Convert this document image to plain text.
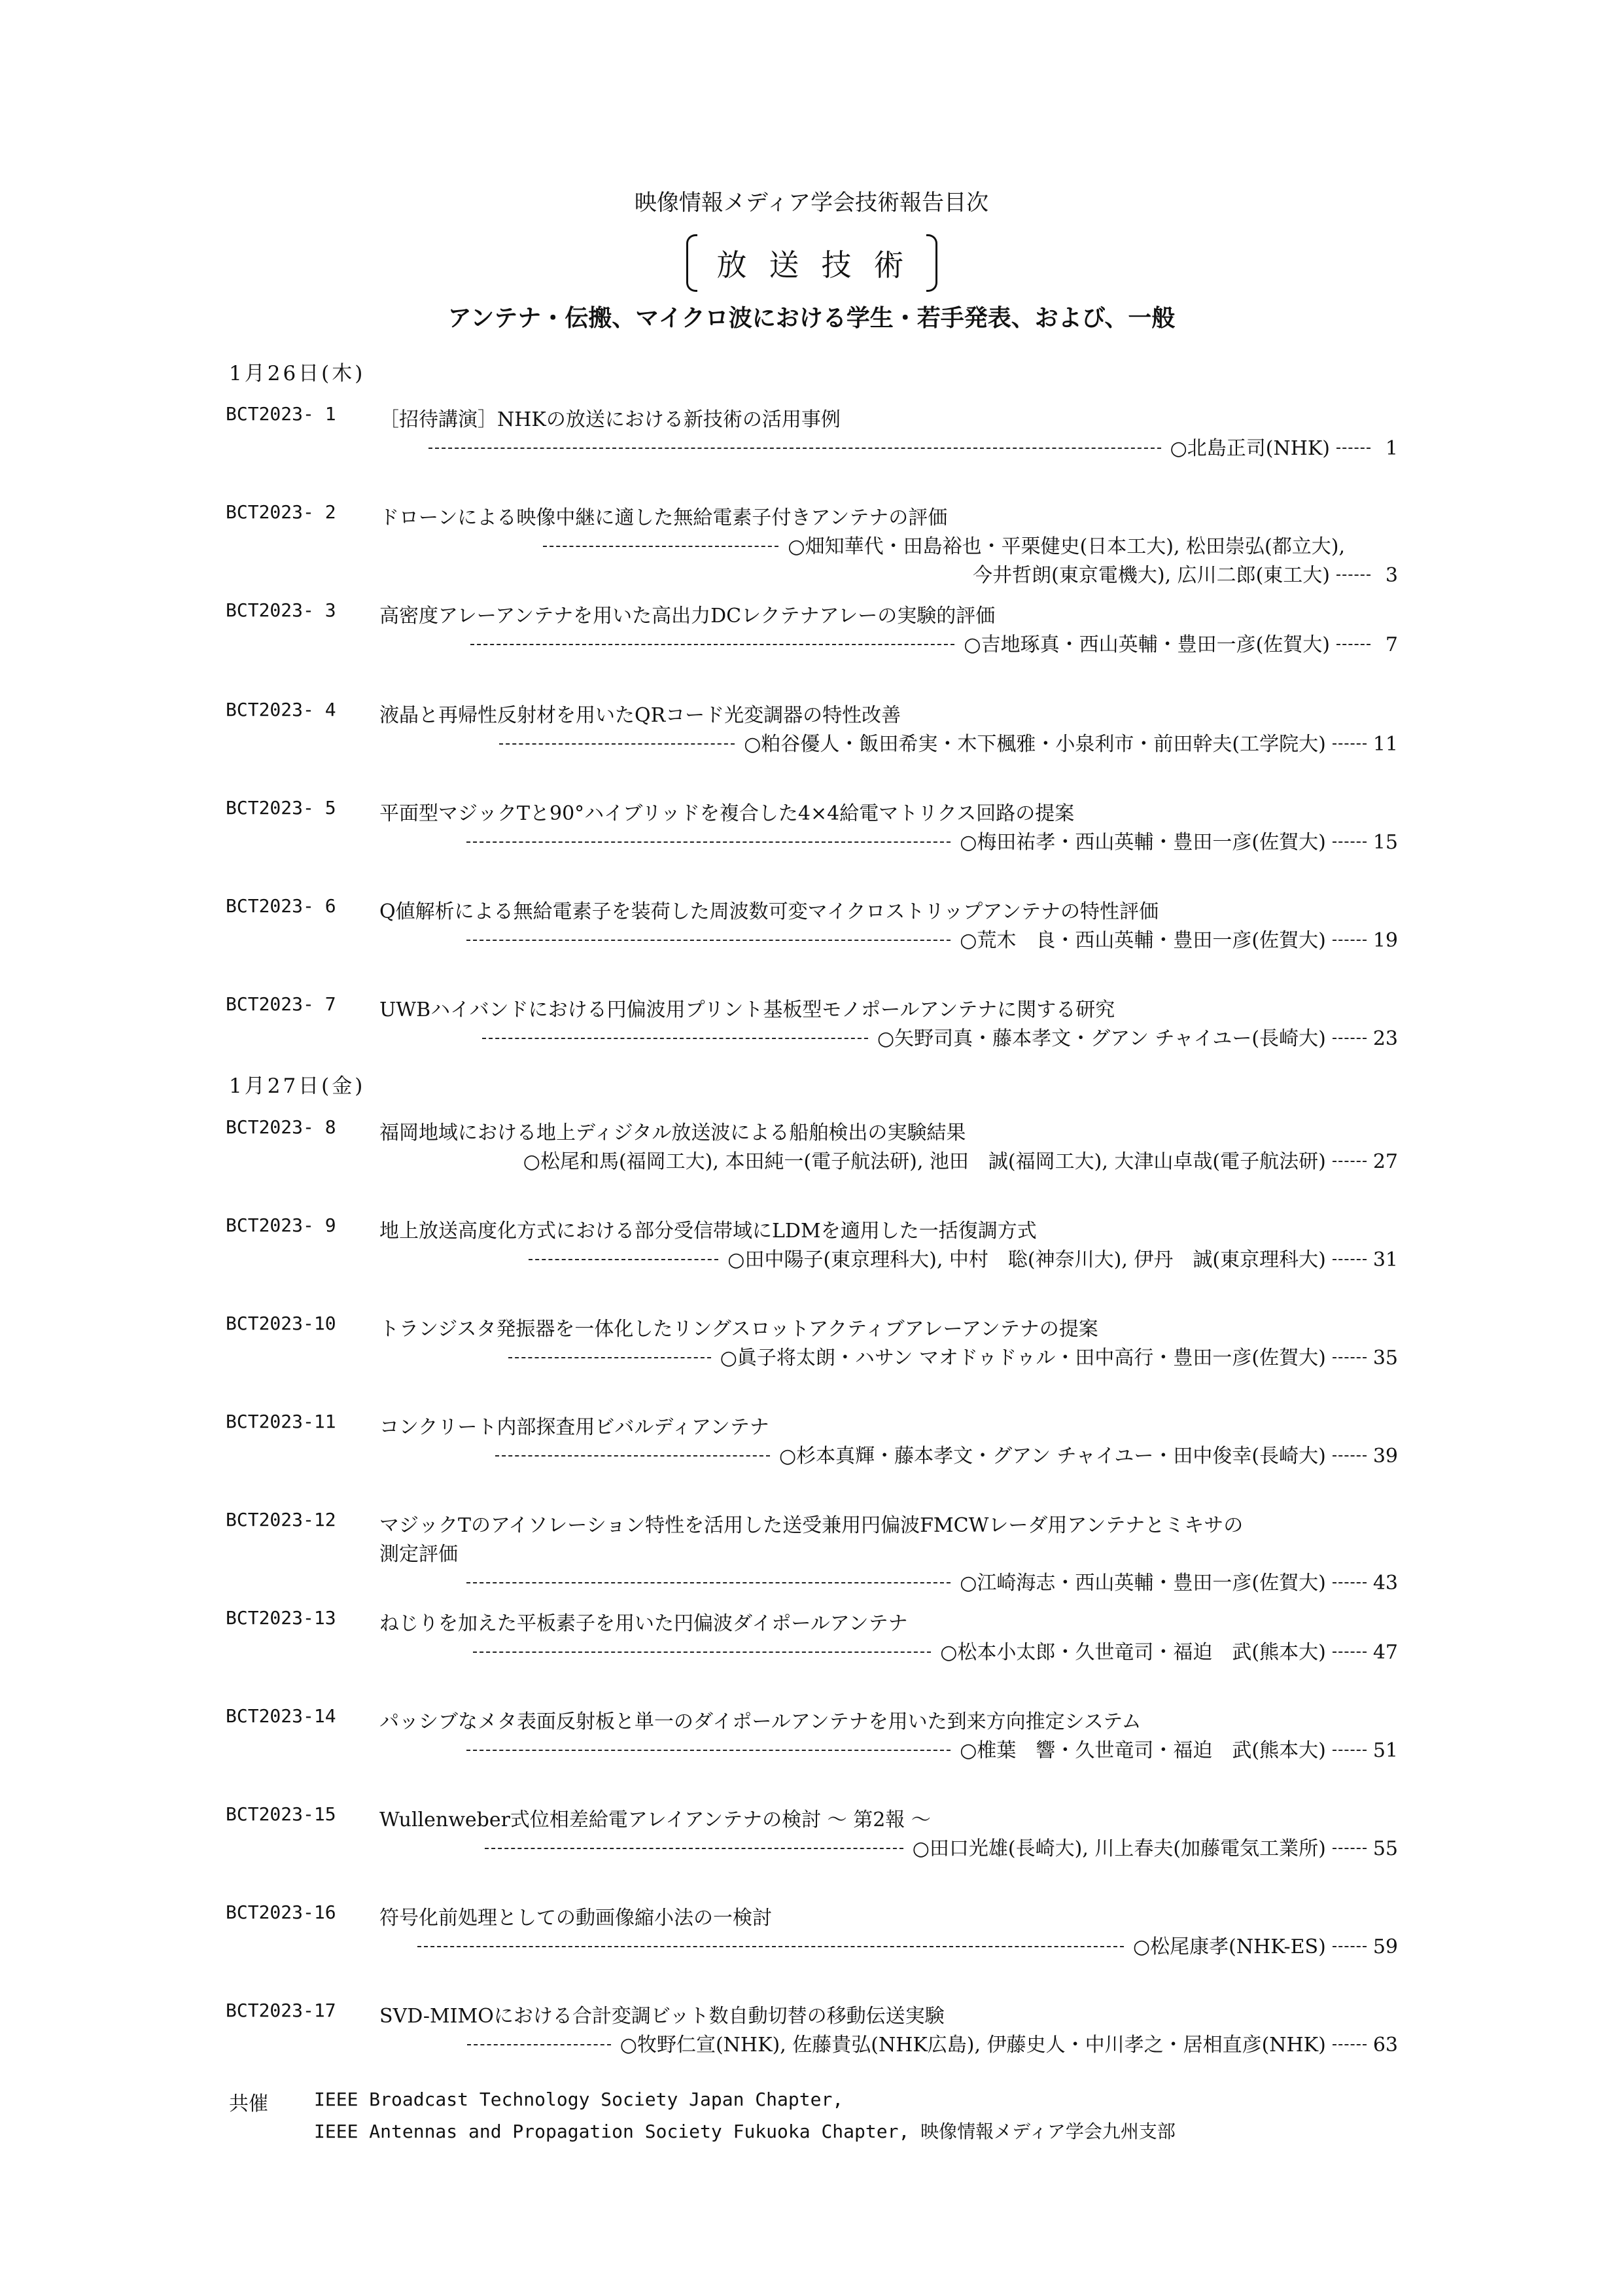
映像情報メディア学会技術報告目次
放送技術
アンテナ・伝搬、マイクロ波における学生・若手発表、および、一般
1月26日(木)
BCT2023- 1 ［招待講演］NHKの放送における新技術の活用事例
○北島正司(NHK)	1
BCT2023- 2 ドローンによる映像中継に適した無給電素子付きアンテナの評価
○畑知華代・田島裕也・平栗健史(日本工大), 松田崇弘(都立大),
今井哲朗(東京電機大), 広川二郎(東工大)	3
BCT2023- 3 高密度アレーアンテナを用いた高出力DCレクテナアレーの実験的評価
○吉地琢真・西山英輔・豊田一彦(佐賀大)	7
BCT2023- 4 液晶と再帰性反射材を用いたQRコード光変調器の特性改善
○粕谷優人・飯田希実・木下楓雅・小泉利市・前田幹夫(工学院大) 11
BCT2023- 5 平面型マジックTと90°ハイブリッドを複合した4×4給電マトリクス回路の提案
○梅田祐孝・西山英輔・豊田一彦(佐賀大) 15
BCT2023- 6 Q値解析による無給電素子を装荷した周波数可変マイクロストリップアンテナの特性評価
○荒木　良・西山英輔・豊田一彦(佐賀大) 19
BCT2023- 7 UWBハイバンドにおける円偏波用プリント基板型モノポールアンテナに関する研究
○矢野司真・藤本孝文・グアン チャイユー(長崎大) 23
1月27日(金)
BCT2023- 8 福岡地域における地上ディジタル放送波による船舶検出の実験結果
○松尾和馬(福岡工大), 本田純一(電子航法研), 池田　誠(福岡工大), 大津山卓哉(電子航法研) 27
BCT2023- 9 地上放送高度化方式における部分受信帯域にLDMを適用した一括復調方式
○田中陽子(東京理科大), 中村　聡(神奈川大), 伊丹　誠(東京理科大) 31
BCT2023-10 トランジスタ発振器を一体化したリングスロットアクティブアレーアンテナの提案
○眞子将太朗・ハサン マオドゥドゥル・田中高行・豊田一彦(佐賀大) 35
BCT2023-11 コンクリート内部探査用ビバルディアンテナ
○杉本真輝・藤本孝文・グアン チャイユー・田中俊幸(長崎大) 39
BCT2023-12 マジックTのアイソレーション特性を活用した送受兼用円偏波FMCWレーダ用アンテナとミキサの
測定評価
○江崎海志・西山英輔・豊田一彦(佐賀大) 43
BCT2023-13 ねじりを加えた平板素子を用いた円偏波ダイポールアンテナ
○松本小太郎・久世竜司・福迫　武(熊本大) 47
BCT2023-14 パッシブなメタ表面反射板と単一のダイポールアンテナを用いた到来方向推定システム
○椎葉　響・久世竜司・福迫　武(熊本大) 51
BCT2023-15 Wullenweber式位相差給電アレイアンテナの検討 ～ 第2報 ～
○田口光雄(長崎大), 川上春夫(加藤電気工業所) 55
BCT2023-16 符号化前処理としての動画像縮小法の一検討
○松尾康孝(NHK-ES) 59
BCT2023-17 SVD-MIMOにおける合計変調ビット数自動切替の移動伝送実験
○牧野仁宣(NHK), 佐藤貴弘(NHK広島), 伊藤史人・中川孝之・居相直彦(NHK) 63
共催	IEEE Broadcast Technology Society Japan Chapter,
IEEE Antennas and Propagation Society Fukuoka Chapter, 映像情報メディア学会九州支部
